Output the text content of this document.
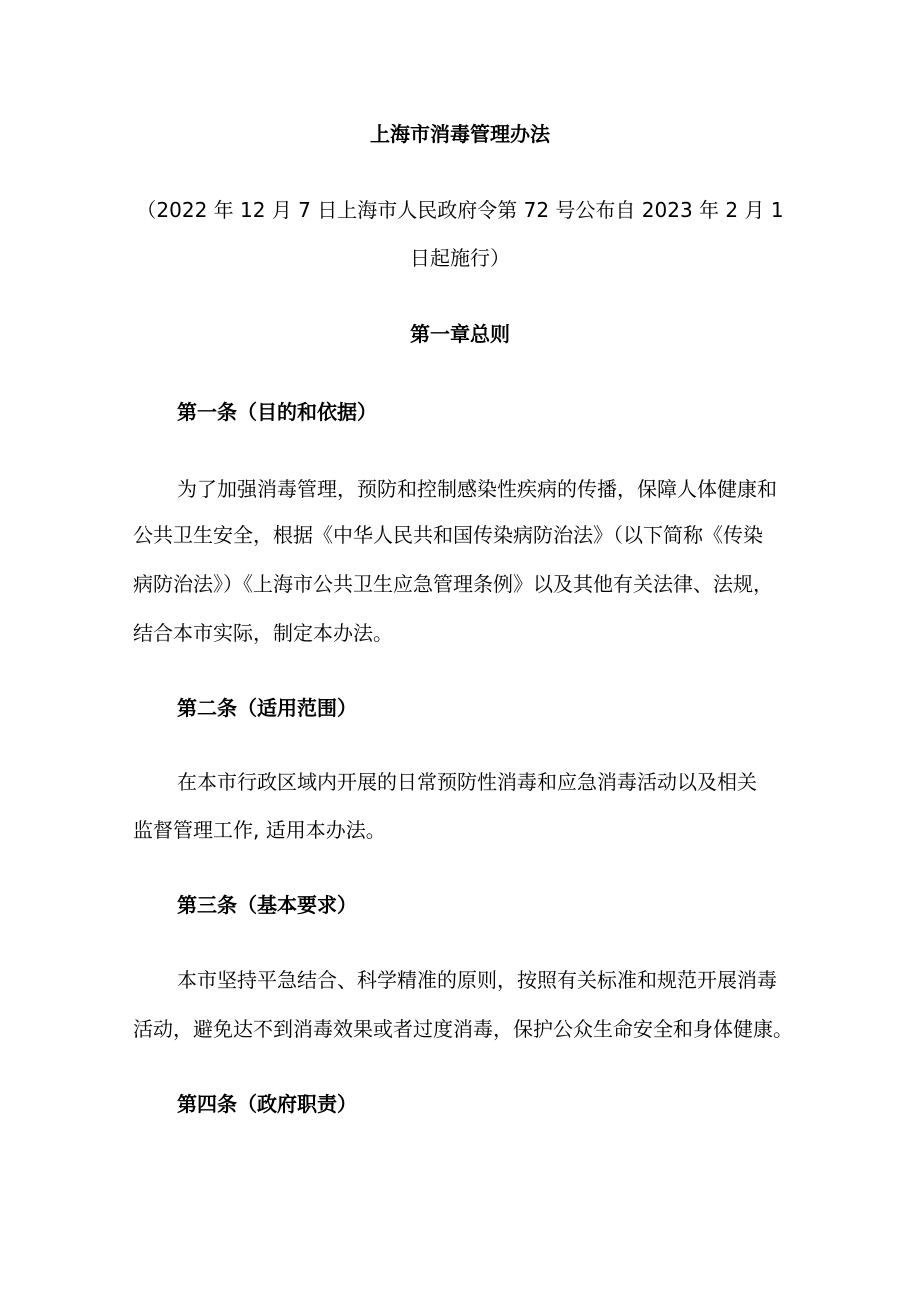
上海市消毒管理办法

（2022 年 12 月 7 日上海市人民政府令第 72 号公布自 2023 年 2 月 1

日起施行）

第一章总则
第一条（目的和依据）

为了加强消毒管理，预防和控制感染性疾病的传播，保障人体健康和

公共卫生安全，根据《中华人民共和国传染病防治法》（以下简称《传染

病防治法》）《上海市公共卫生应急管理条例》以及其他有关法律、法规，

结合本市实际，制定本办法。

第二条（适用范围）

在本市行政区域内开展的日常预防性消毒和应急消毒活动以及相关

监督管理工作, 适用本办法。

第三条（基本要求）

本市坚持平急结合、科学精准的原则，按照有关标准和规范开展消毒

活动，避免达不到消毒效果或者过度消毒，保护公众生命安全和身体健康。

第四条（政府职责）
